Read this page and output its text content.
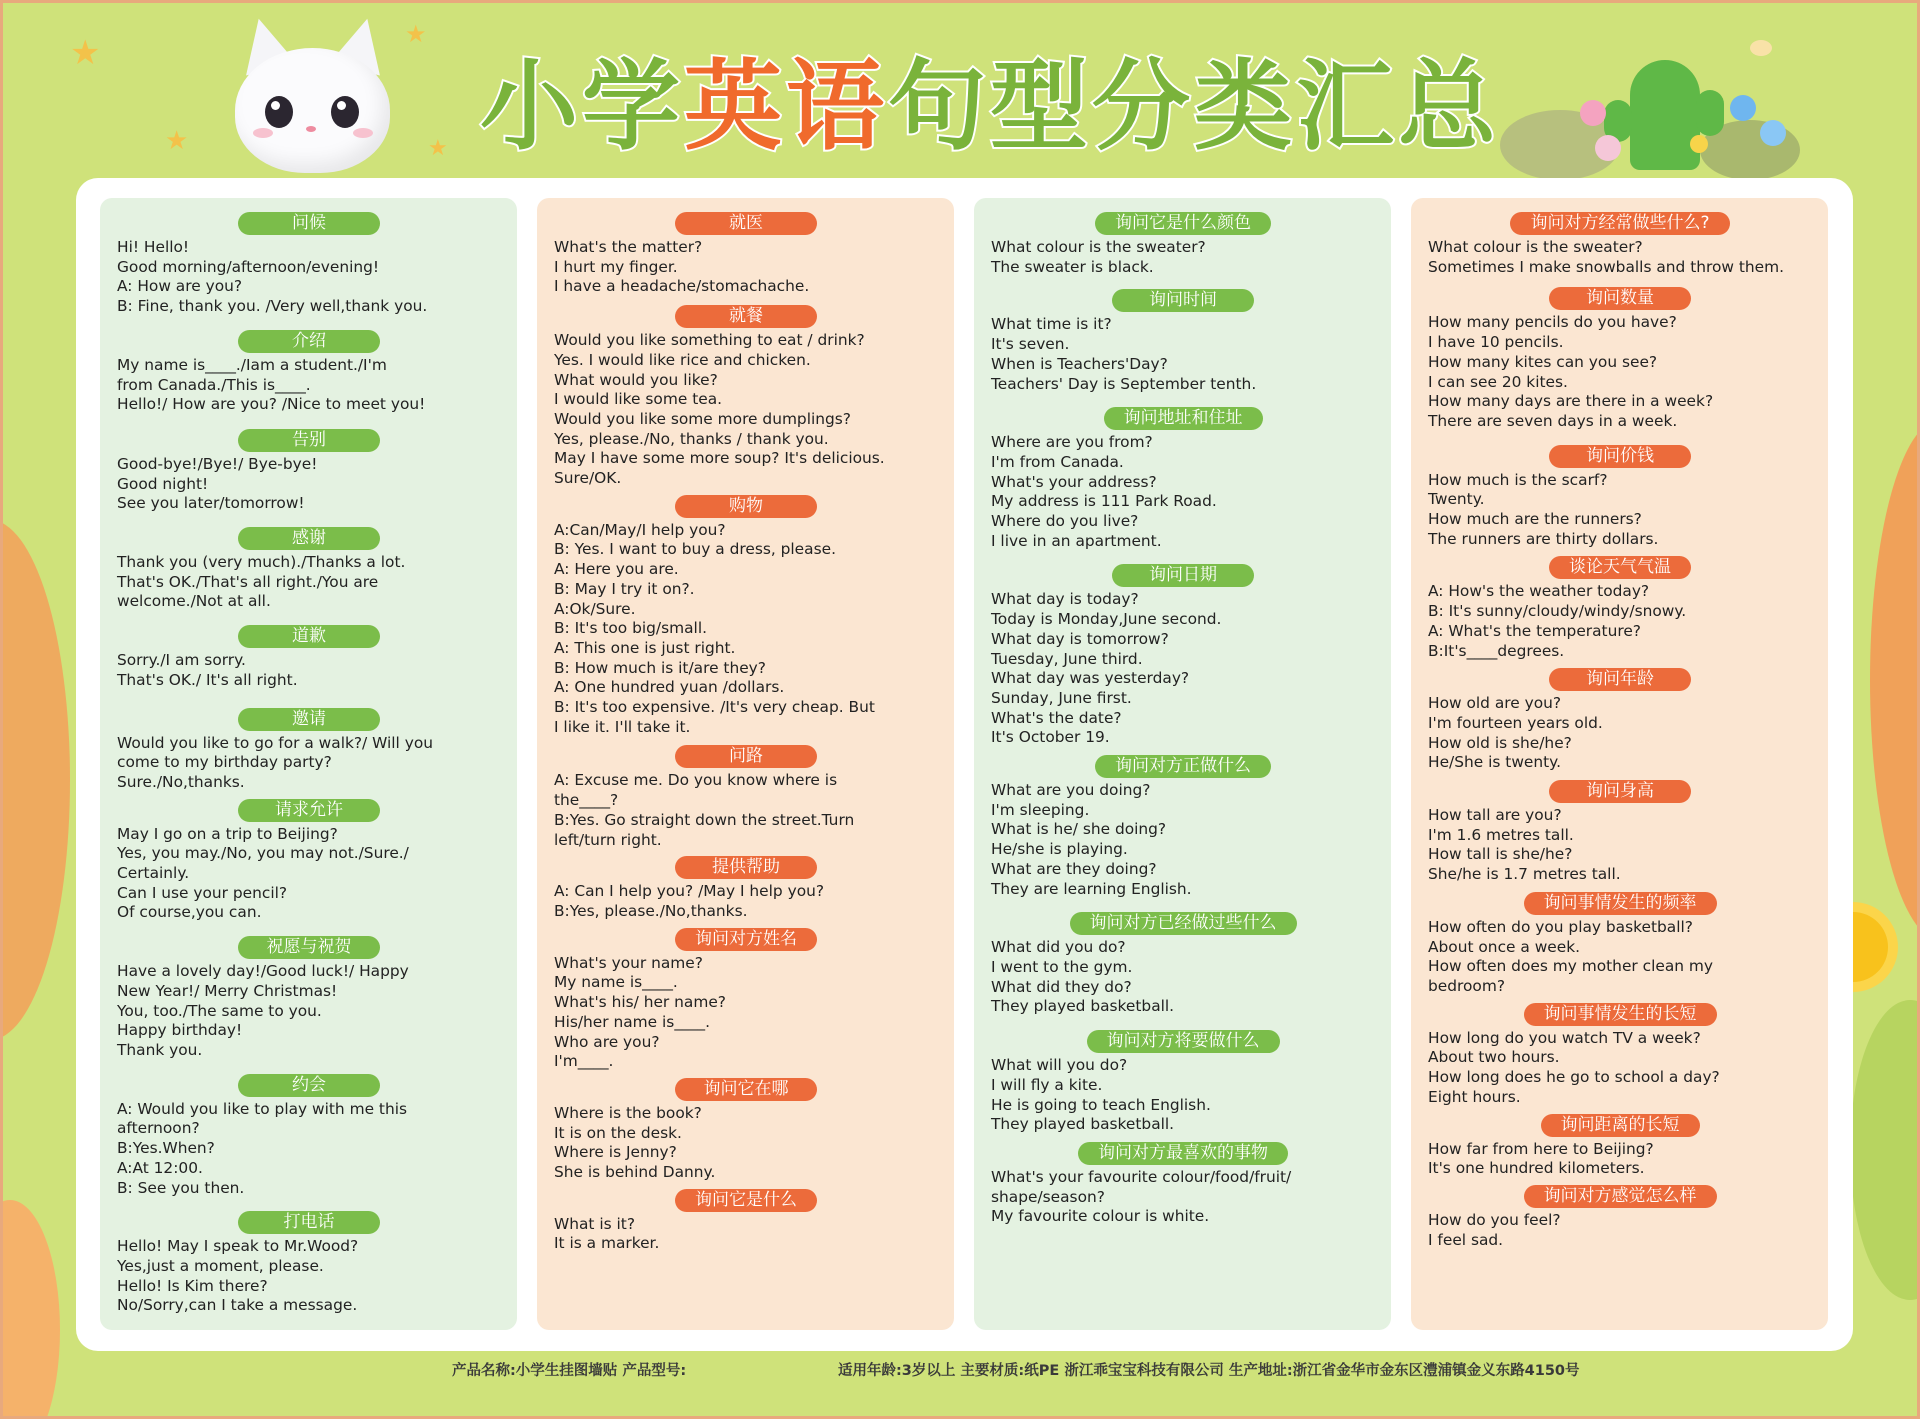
★
★
★
★ 小学英语句型分类汇总
问候
Hi! Hello!
Good morning/afternoon/evening!
A: How are you?
B: Fine, thank you. /Very well,thank you.
介绍
My name is____./Iam a student./I'm
from Canada./This is____.
Hello!/ How are you? /Nice to meet you!
告别
Good-bye!/Bye!/ Bye-bye!
Good night!
See you later/tomorrow!
感谢
Thank you (very much)./Thanks a lot.
That's OK./That's all right./You are
welcome./Not at all.
道歉
Sorry./I am sorry.
That's OK./ It's all right.
邀请
Would you like to go for a walk?/ Will you
come to my birthday party?
Sure./No,thanks.
请求允许
May I go on a trip to Beijing?
Yes, you may./No, you may not./Sure./
Certainly.
Can I use your pencil?
Of course,you can.
祝愿与祝贺
Have a lovely day!/Good luck!/ Happy
New Year!/ Merry Christmas!
You, too./The same to you.
Happy birthday!
Thank you.
约会
A: Would you like to play with me this
afternoon?
B:Yes.When?
A:At 12:00.
B: See you then.
打电话
Hello! May I speak to Mr.Wood?
Yes,just a moment, please.
Hello! Is Kim there?
No/Sorry,can I take a message.
就医
What's the matter?
I hurt my finger.
I have a headache/stomachache.
就餐
Would you like something to eat / drink?
Yes. I would like rice and chicken.
What would you like?
I would like some tea.
Would you like some more dumplings?
Yes, please./No, thanks / thank you.
May I have some more soup? It's delicious.
Sure/OK.
购物
A:Can/May/I help you?
B: Yes. I want to buy a dress, please.
A: Here you are.
B: May I try it on?.
A:Ok/Sure.
B: It's too big/small.
A: This one is just right.
B: How much is it/are they?
A: One hundred yuan /dollars.
B: It's too expensive. /It's very cheap. But
I like it. I'll take it.
问路
A: Excuse me. Do you know where is
the____?
B:Yes. Go straight down the street.Turn
left/turn right.
提供帮助
A: Can I help you? /May I help you?
B:Yes, please./No,thanks.
询问对方姓名
What's your name?
My name is____.
What's his/ her name?
His/her name is____.
Who are you?
I'm____.
询问它在哪
Where is the book?
It is on the desk.
Where is Jenny?
She is behind Danny.
询问它是什么
What is it?
It is a marker.
询问它是什么颜色
What colour is the sweater?
The sweater is black.
询问时间
What time is it?
It's seven.
When is Teachers'Day?
Teachers' Day is September tenth.
询问地址和住址
Where are you from?
I'm from Canada.
What's your address?
My address is 111 Park Road.
Where do you live?
I live in an apartment.
询问日期
What day is today?
Today is Monday,June second.
What day is tomorrow?
Tuesday, June third.
What day was yesterday?
Sunday, June first.
What's the date?
It's October 19.
询问对方正做什么
What are you doing?
I'm sleeping.
What is he/ she doing?
He/she is playing.
What are they doing?
They are learning English.
询问对方已经做过些什么
What did you do?
I went to the gym.
What did they do?
They played basketball.
询问对方将要做什么
What will you do?
I will fly a kite.
He is going to teach English.
They played basketball.
询问对方最喜欢的事物
What's your favourite colour/food/fruit/
shape/season?
My favourite colour is white.
询问对方经常做些什么?
What colour is the sweater?
Sometimes I make snowballs and throw them.
询问数量
How many pencils do you have?
I have 10 pencils.
How many kites can you see?
I can see 20 kites.
How many days are there in a week?
There are seven days in a week.
询问价钱
How much is the scarf?
Twenty.
How much are the runners?
The runners are thirty dollars.
谈论天气气温
A: How's the weather today?
B: It's sunny/cloudy/windy/snowy.
A: What's the temperature?
B:It's____degrees.
询问年龄
How old are you?
I'm fourteen years old.
How old is she/he?
He/She is twenty.
询问身高
How tall are you?
I'm 1.6 metres tall.
How tall is she/he?
She/he is 1.7 metres tall.
询问事情发生的频率
How often do you play basketball?
About once a week.
How often does my mother clean my
bedroom?
询问事情发生的长短
How long do you watch TV a week?
About two hours.
How long does he go to school a day?
Eight hours.
询问距离的长短
How far from here to Beijing?
It's one hundred kilometers.
询问对方感觉怎么样
How do you feel?
I feel sad.
产品名称:小学生挂图墙贴 产品型号:	适用年龄:3岁以上 主要材质:纸PE 浙江乖宝宝科技有限公司 生产地址:浙江省金华市金东区澧浦镇金义东路4150号
